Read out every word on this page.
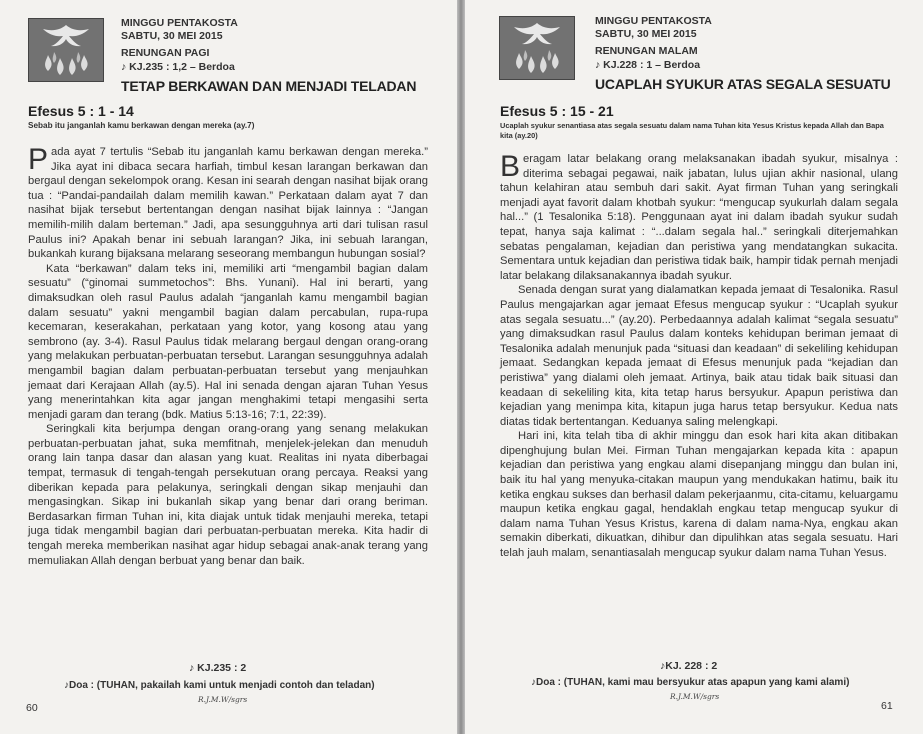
MINGGU PENTAKOSTA
SABTU, 30 MEI 2015
RENUNGAN PAGI
♪ KJ.235 : 1,2 – Berdoa
TETAP BERKAWAN DAN MENJADI TELADAN
Efesus 5 : 1 - 14
Sebab itu janganlah kamu berkawan dengan mereka (ay.7)

Pada ayat 7 tertulis “Sebab itu janganlah kamu berkawan dengan mereka.” Jika ayat ini dibaca secara harfiah, timbul kesan larangan berkawan dan bergaul dengan sekelompok orang. Kesan ini searah dengan nasihat bijak orang tua : “Pandai-pandailah dalam memilih kawan.” Perkataan dalam ayat 7 dan nasihat bijak tersebut bertentangan dengan nasihat bijak lainnya : “Jangan memilih-milih dalam berteman.” Jadi, apa sesungguhnya arti dari tulisan rasul Paulus ini? Apakah benar ini sebuah larangan? Jika, ini sebuah larangan, bukankah kurang bijaksana melarang seseorang membangun hubungan sosial?

Kata “berkawan” dalam teks ini, memiliki arti “mengambil bagian dalam sesuatu” (“ginomai summetochos”: Bhs. Yunani). Hal ini berarti, yang dimaksudkan oleh rasul Paulus adalah “janganlah kamu mengambil bagian dalam sesuatu” yakni mengambil bagian dalam percabulan, rupa-rupa kecemaran, keserakahan, perkataan yang kotor, yang kosong atau yang sembrono (ay. 3-4). Rasul Paulus tidak melarang bergaul dengan orang-orang yang melakukan perbuatan-perbuatan tersebut. Larangan sesungguhnya adalah mengambil bagian dalam perbuatan-perbuatan tersebut yang menjauhkan jemaat dari Kerajaan Allah (ay.5). Hal ini senada dengan ajaran Tuhan Yesus yang menerintahkan kita agar jangan menghakimi tetapi mengasihi serta menjadi garam dan terang (bdk. Matius 5:13-16; 7:1, 22:39).

Seringkali kita berjumpa dengan orang-orang yang senang melakukan perbuatan-perbuatan jahat, suka memfitnah, menjelek-jelekan dan menuduh orang lain tanpa dasar dan alasan yang kuat. Realitas ini nyata diberbagai tempat, termasuk di tengah-tengah persekutuan orang percaya. Reaksi yang diberikan kepada para pelakunya, seringkali dengan sikap menjauhi dan mengasingkan. Sikap ini bukanlah sikap yang benar dari orang beriman. Berdasarkan firman Tuhan ini, kita diajak untuk tidak menjauhi mereka, tetapi juga tidak mengambil bagian dari perbuatan-perbuatan mereka. Kita hadir di tengah mereka memberikan nasihat agar hidup sebagai anak-anak terang yang memuliakan Allah dengan berbuat yang benar dan baik.

♪ KJ.235 : 2
♪Doa : (TUHAN, pakailah kami untuk menjadi contoh dan teladan)
R.J.M.W/sgrs
60
MINGGU PENTAKOSTA
SABTU, 30 MEI 2015
RENUNGAN MALAM
♪ KJ.228 : 1 – Berdoa
UCAPLAH SYUKUR ATAS SEGALA SESUATU
Efesus 5 : 15 - 21
Ucaplah syukur senantiasa atas segala sesuatu dalam nama Tuhan kita Yesus Kristus kepada Allah dan Bapa kita (ay.20)

Beragam latar belakang orang melaksanakan ibadah syukur, misalnya : diterima sebagai pegawai, naik jabatan, lulus ujian akhir nasional, ulang tahun kelahiran atau sembuh dari sakit. Ayat firman Tuhan yang seringkali menjadi ayat favorit dalam khotbah syukur: “mengucap syukurlah dalam segala hal...” (1 Tesalonika 5:18). Penggunaan ayat ini dalam ibadah syukur sudah tepat, hanya saja kalimat : “...dalam segala hal..” seringkali diterjemahkan sebatas pengalaman, kejadian dan peristiwa yang mendatangkan sukacita. Sementara untuk kejadian dan peristiwa tidak baik, hampir tidak pernah menjadi latar belakang dilaksanakannya ibadah syukur.

Senada dengan surat yang dialamatkan kepada jemaat di Tesalonika. Rasul Paulus mengajarkan agar jemaat Efesus mengucap syukur : “Ucaplah syukur atas segala sesuatu...” (ay.20). Perbedaannya adalah kalimat “segala sesuatu” yang dimaksudkan rasul Paulus dalam konteks kehidupan beriman jemaat di Tesalonika adalah menunjuk pada “situasi dan keadaan” di sekeliling kehidupan jemaat. Sedangkan kepada jemaat di Efesus menunjuk pada “kejadian dan peristiwa” yang dialami oleh jemaat. Artinya, baik atau tidak baik situasi dan keadaan di sekeliling kita, kita tetap harus bersyukur. Apapun peristiwa dan kejadian yang menimpa kita, kitapun juga harus tetap bersyukur. Kedua nats diatas tidak bertentangan. Keduanya saling melengkapi.

Hari ini, kita telah tiba di akhir minggu dan esok hari kita akan ditibakan dipenghujung bulan Mei. Firman Tuhan mengajarkan kepada kita : apapun kejadian dan peristiwa yang engkau alami disepanjang minggu dan bulan ini, baik itu hal yang menyuka-citakan maupun yang mendukakan hatimu, baik itu ketika engkau sukses dan berhasil dalam pekerjaanmu, cita-citamu, keluargamu maupun ketika engkau gagal, hendaklah engkau tetap mengucap syukur di dalam nama Tuhan Yesus Kristus, karena di dalam nama-Nya, engkau akan semakin diberkati, dikuatkan, dihibur dan dipulihkan atas segala sesuatu. Hari telah jauh malam, senantiasalah mengucap syukur dalam nama Tuhan Yesus.

♪KJ. 228 : 2
♪Doa : (TUHAN, kami mau bersyukur atas apapun yang kami alami)
R.J.M.W/sgrs
61
